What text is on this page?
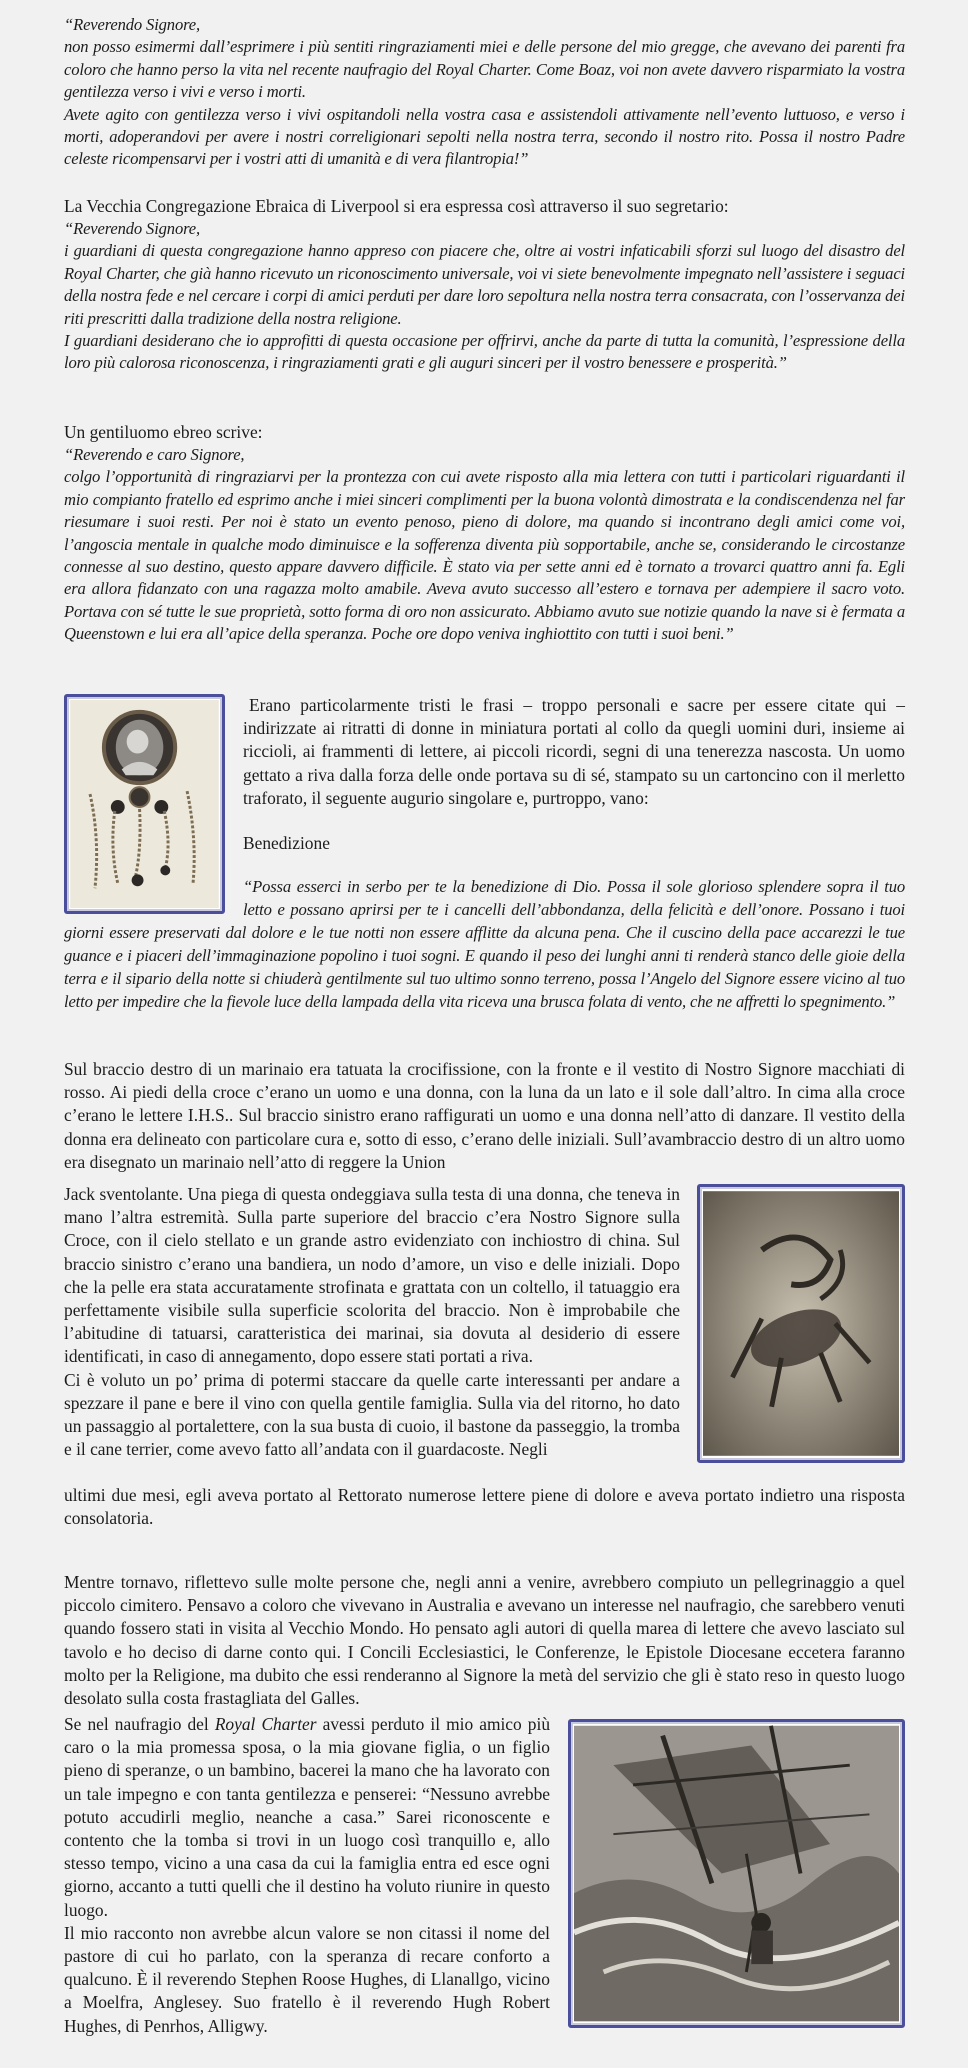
“Reverendo Signore,

non posso esimermi dall’esprimere i più sentiti ringraziamenti miei e delle persone del mio gregge, che avevano dei parenti fra coloro che hanno perso la vita nel recente naufragio del Royal Charter. Come Boaz, voi non avete davvero risparmiato la vostra gentilezza verso i vivi e verso i morti.

Avete agito con gentilezza verso i vivi ospitandoli nella vostra casa e assistendoli attivamente nell’evento luttuoso, e verso i morti, adoperandovi per avere i nostri correligionari sepolti nella nostra terra, secondo il nostro rito. Possa il nostro Padre celeste ricompensarvi per i vostri atti di umanità e di vera filantropia!”

La Vecchia Congregazione Ebraica di Liverpool si era espressa così attraverso il suo segretario:

“Reverendo Signore,

i guardiani di questa congregazione hanno appreso con piacere che, oltre ai vostri infaticabili sforzi sul luogo del disastro del Royal Charter, che già hanno ricevuto un riconoscimento universale, voi vi siete benevolmente impegnato nell’assistere i seguaci della nostra fede e nel cercare i corpi di amici perduti per dare loro sepoltura nella nostra terra consacrata, con l’osservanza dei riti prescritti dalla tradizione della nostra religione.

I guardiani desiderano che io approfitti di questa occasione per offrirvi, anche da parte di tutta la comunità, l’espressione della loro più calorosa riconoscenza, i ringraziamenti grati e gli auguri sinceri per il vostro benessere e prosperità.”

Un gentiluomo ebreo scrive:

“Reverendo e caro Signore,

colgo l’opportunità di ringraziarvi per la prontezza con cui avete risposto alla mia lettera con tutti i particolari riguardanti il mio compianto fratello ed esprimo anche i miei sinceri complimenti per la buona volontà dimostrata e la condiscendenza nel far riesumare i suoi resti. Per noi è stato un evento penoso, pieno di dolore, ma quando si incontrano degli amici come voi, l’angoscia mentale in qualche modo diminuisce e la sofferenza diventa più sopportabile, anche se, considerando le circostanze connesse al suo destino, questo appare davvero difficile. È stato via per sette anni ed è tornato a trovarci quattro anni fa. Egli era allora fidanzato con una ragazza molto amabile. Aveva avuto successo all’estero e tornava per adempiere il sacro voto. Portava con sé tutte le sue proprietà, sotto forma di oro non assicurato. Abbiamo avuto sue notizie quando la nave si è fermata a Queenstown e lui era all’apice della speranza. Poche ore dopo veniva inghiottito con tutti i suoi beni.”

Erano particolarmente tristi le frasi – troppo personali e sacre per essere citate qui – indirizzate ai ritratti di donne in miniatura portati al collo da quegli uomini duri, insieme ai riccioli, ai frammenti di lettere, ai piccoli ricordi, segni di una tenerezza nascosta. Un uomo gettato a riva dalla forza delle onde portava su di sé, stampato su un cartoncino con il merletto traforato, il seguente augurio singolare e, purtroppo, vano:

Benedizione

“Possa esserci in serbo per te la benedizione di Dio. Possa il sole glorioso splendere sopra il tuo letto e possano aprirsi per te i cancelli dell’abbondanza, della felicità e dell’onore. Possano i tuoi giorni essere preservati dal dolore e le tue notti non essere afflitte da alcuna pena. Che il cuscino della pace accarezzi le tue guance e i piaceri dell’immaginazione popolino i tuoi sogni. E quando il peso dei lunghi anni ti renderà stanco delle gioie della terra e il sipario della notte si chiuderà gentilmente sul tuo ultimo sonno terreno, possa l’Angelo del Signore essere vicino al tuo letto per impedire che la fievole luce della lampada della vita riceva una brusca folata di vento, che ne affretti lo spegnimento.”

Sul braccio destro di un marinaio era tatuata la crocifissione, con la fronte e il vestito di Nostro Signore macchiati di rosso. Ai piedi della croce c’erano un uomo e una donna, con la luna da un lato e il sole dall’altro. In cima alla croce c’erano le lettere I.H.S.. Sul braccio sinistro erano raffigurati un uomo e una donna nell’atto di danzare. Il vestito della donna era delineato con particolare cura e, sotto di esso, c’erano delle iniziali. Sull’avambraccio destro di un altro uomo era disegnato un marinaio nell’atto di reggere la Union

Jack sventolante. Una piega di questa ondeggiava sulla testa di una donna, che teneva in mano l’altra estremità. Sulla parte superiore del braccio c’era Nostro Signore sulla Croce, con il cielo stellato e un grande astro evidenziato con inchiostro di china. Sul braccio sinistro c’erano una bandiera, un nodo d’amore, un viso e delle iniziali. Dopo che la pelle era stata accuratamente strofinata e grattata con un coltello, il tatuaggio era perfettamente visibile sulla superficie scolorita del braccio. Non è improbabile che l’abitudine di tatuarsi, caratteristica dei marinai, sia dovuta al desiderio di essere identificati, in caso di annegamento, dopo essere stati portati a riva.

Ci è voluto un po’ prima di potermi staccare da quelle carte interessanti per andare a spezzare il pane e bere il vino con quella gentile famiglia. Sulla via del ritorno, ho dato un passaggio al portalettere, con la sua busta di cuoio, il bastone da passeggio, la tromba e il cane terrier, come avevo fatto all’andata con il guardacoste. Negli

ultimi due mesi, egli aveva portato al Rettorato numerose lettere piene di dolore e aveva portato indietro una risposta consolatoria.

Mentre tornavo, riflettevo sulle molte persone che, negli anni a venire, avrebbero compiuto un pellegrinaggio a quel piccolo cimitero. Pensavo a coloro che vivevano in Australia e avevano un interesse nel naufragio, che sarebbero venuti quando fossero stati in visita al Vecchio Mondo. Ho pensato agli autori di quella marea di lettere che avevo lasciato sul tavolo e ho deciso di darne conto qui. I Concili Ecclesiastici, le Conferenze, le Epistole Diocesane eccetera faranno molto per la Religione, ma dubito che essi renderanno al Signore la metà del servizio che gli è stato reso in questo luogo desolato sulla costa frastagliata del Galles.

Se nel naufragio del Royal Charter avessi perduto il mio amico più caro o la mia promessa sposa, o la mia giovane figlia, o un figlio pieno di speranze, o un bambino, bacerei la mano che ha lavorato con un tale impegno e con tanta gentilezza e penserei: “Nessuno avrebbe potuto accudirli meglio, neanche a casa.” Sarei riconoscente e contento che la tomba si trovi in un luogo così tranquillo e, allo stesso tempo, vicino a una casa da cui la famiglia entra ed esce ogni giorno, accanto a tutti quelli che il destino ha voluto riunire in questo luogo.

Il mio racconto non avrebbe alcun valore se non citassi il nome del pastore di cui ho parlato, con la speranza di recare conforto a qualcuno. È il reverendo Stephen Roose Hughes, di Llanallgo, vicino a Moelfra, Anglesey. Suo fratello è il reverendo Hugh Robert Hughes, di Penrhos, Alligwy.
